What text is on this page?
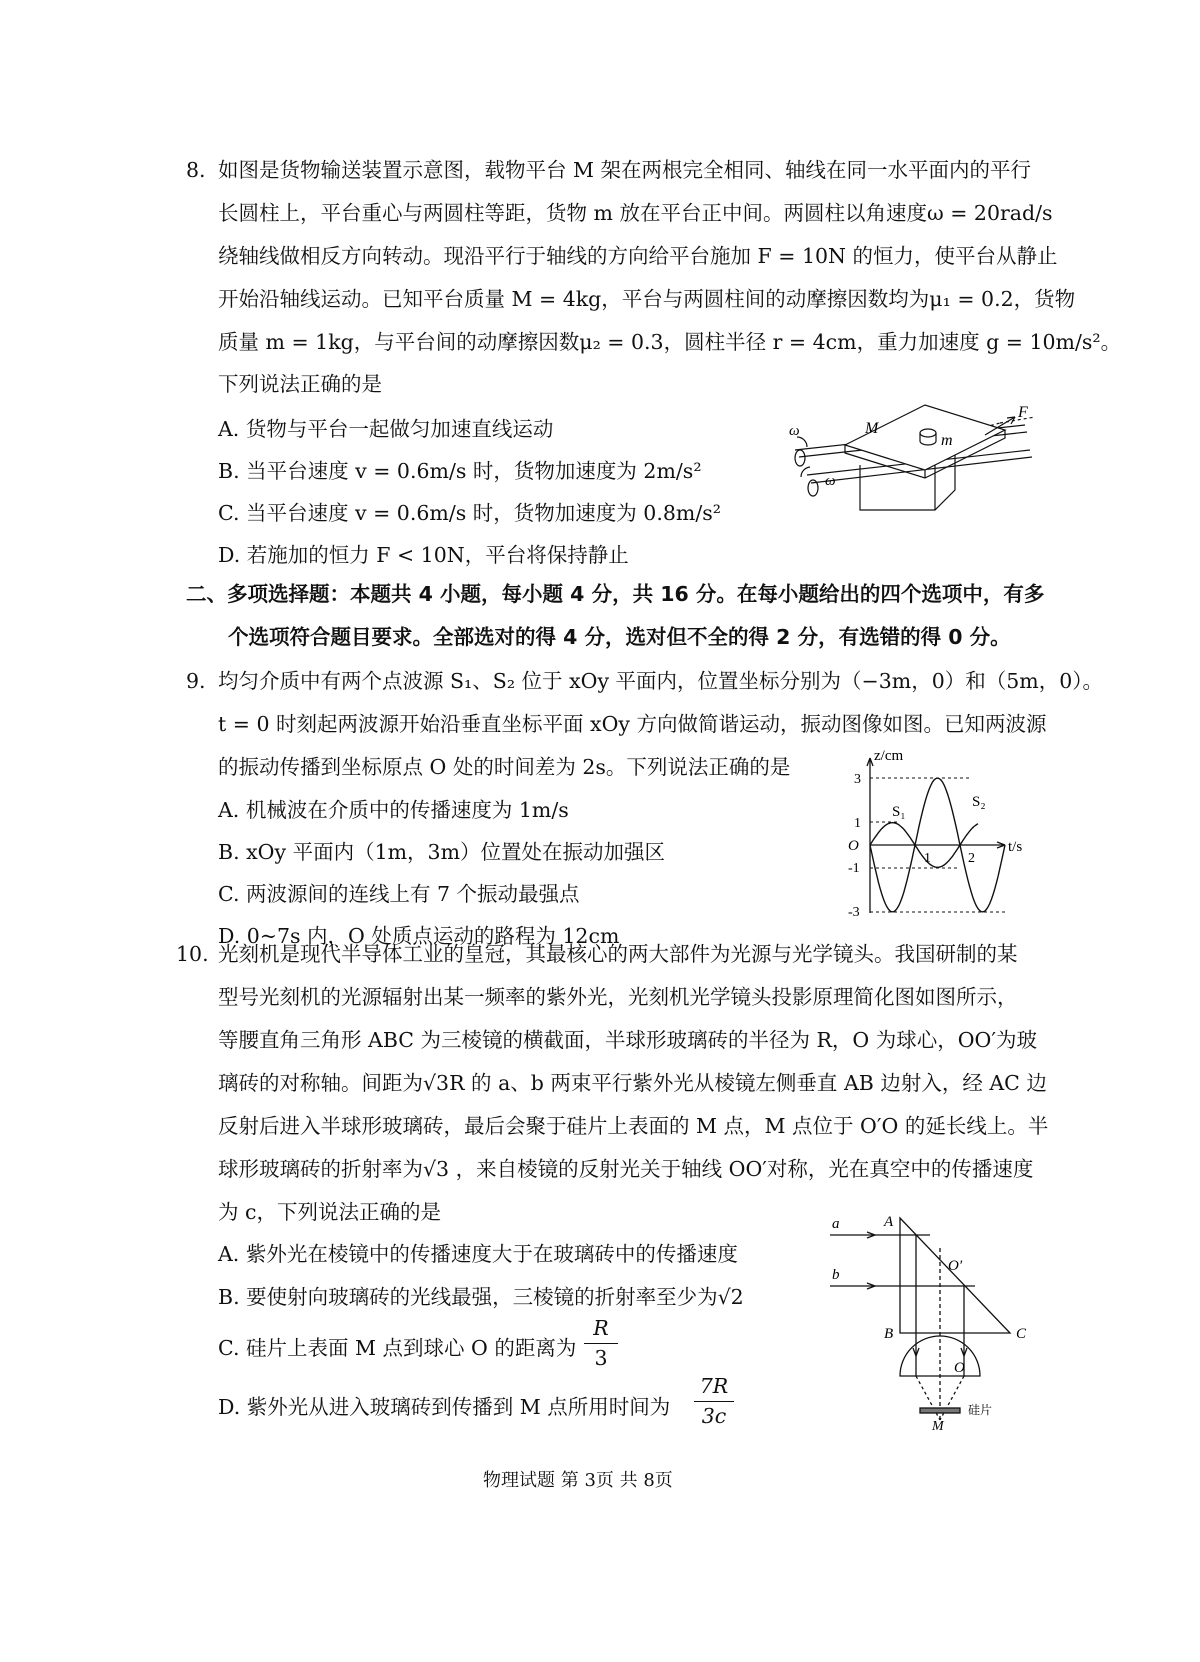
8. 如图是货物输送装置示意图，载物平台 M 架在两根完全相同、轴线在同一水平面内的平行
长圆柱上，平台重心与两圆柱等距，货物 m 放在平台正中间。两圆柱以角速度ω = 20rad/s
绕轴线做相反方向转动。现沿平行于轴线的方向给平台施加 F = 10N 的恒力，使平台从静止
开始沿轴线运动。已知平台质量 M = 4kg，平台与两圆柱间的动摩擦因数均为μ₁ = 0.2，货物
质量 m = 1kg，与平台间的动摩擦因数μ₂ = 0.3，圆柱半径 r = 4cm，重力加速度 g = 10m/s²。
下列说法正确的是
A. 货物与平台一起做匀加速直线运动
B. 当平台速度 v = 0.6m/s 时，货物加速度为 2m/s²
C. 当平台速度 v = 0.6m/s 时，货物加速度为 0.8m/s²
D. 若施加的恒力 F < 10N，平台将保持静止
M
m
F
ω
ω
二、多项选择题：本题共 4 小题，每小题 4 分，共 16 分。在每小题给出的四个选项中，有多
个选项符合题目要求。全部选对的得 4 分，选对但不全的得 2 分，有选错的得 0 分。
9. 均匀介质中有两个点波源 S₁、S₂ 位于 xOy 平面内，位置坐标分别为（−3m，0）和（5m，0）。
t = 0 时刻起两波源开始沿垂直坐标平面 xOy 方向做简谐运动，振动图像如图。已知两波源
的振动传播到坐标原点 O 处的时间差为 2s。下列说法正确的是
A. 机械波在介质中的传播速度为 1m/s
B. xOy 平面内（1m，3m）位置处在振动加强区
C. 两波源间的连线上有 7 个振动最强点
D. 0~7s 内，O 处质点运动的路程为 12cm
z/cm
t/s
O
3
1
-1
-3
1	2
S₁
S₂
10. 光刻机是现代半导体工业的皇冠，其最核心的两大部件为光源与光学镜头。我国研制的某
型号光刻机的光源辐射出某一频率的紫外光，光刻机光学镜头投影原理简化图如图所示，
等腰直角三角形 ABC 为三棱镜的横截面，半球形玻璃砖的半径为 R，O 为球心，OO′为玻
璃砖的对称轴。间距为√3R 的 a、b 两束平行紫外光从棱镜左侧垂直 AB 边射入，经 AC 边
反射后进入半球形玻璃砖，最后会聚于硅片上表面的 M 点，M 点位于 O′O 的延长线上。半
球形玻璃砖的折射率为√3 ，来自棱镜的反射光关于轴线 OO′对称，光在真空中的传播速度
为 c，下列说法正确的是
A. 紫外光在棱镜中的传播速度大于在玻璃砖中的传播速度
B. 要使射向玻璃砖的光线最强，三棱镜的折射率至少为√2
C. 硅片上表面 M 点到球心 O 的距离为
R
3
D. 紫外光从进入玻璃砖到传播到 M 点所用时间为
7R
3c
A
B	C
a
b
O′
O
M
硅片
物理试题 第 3页 共 8页
